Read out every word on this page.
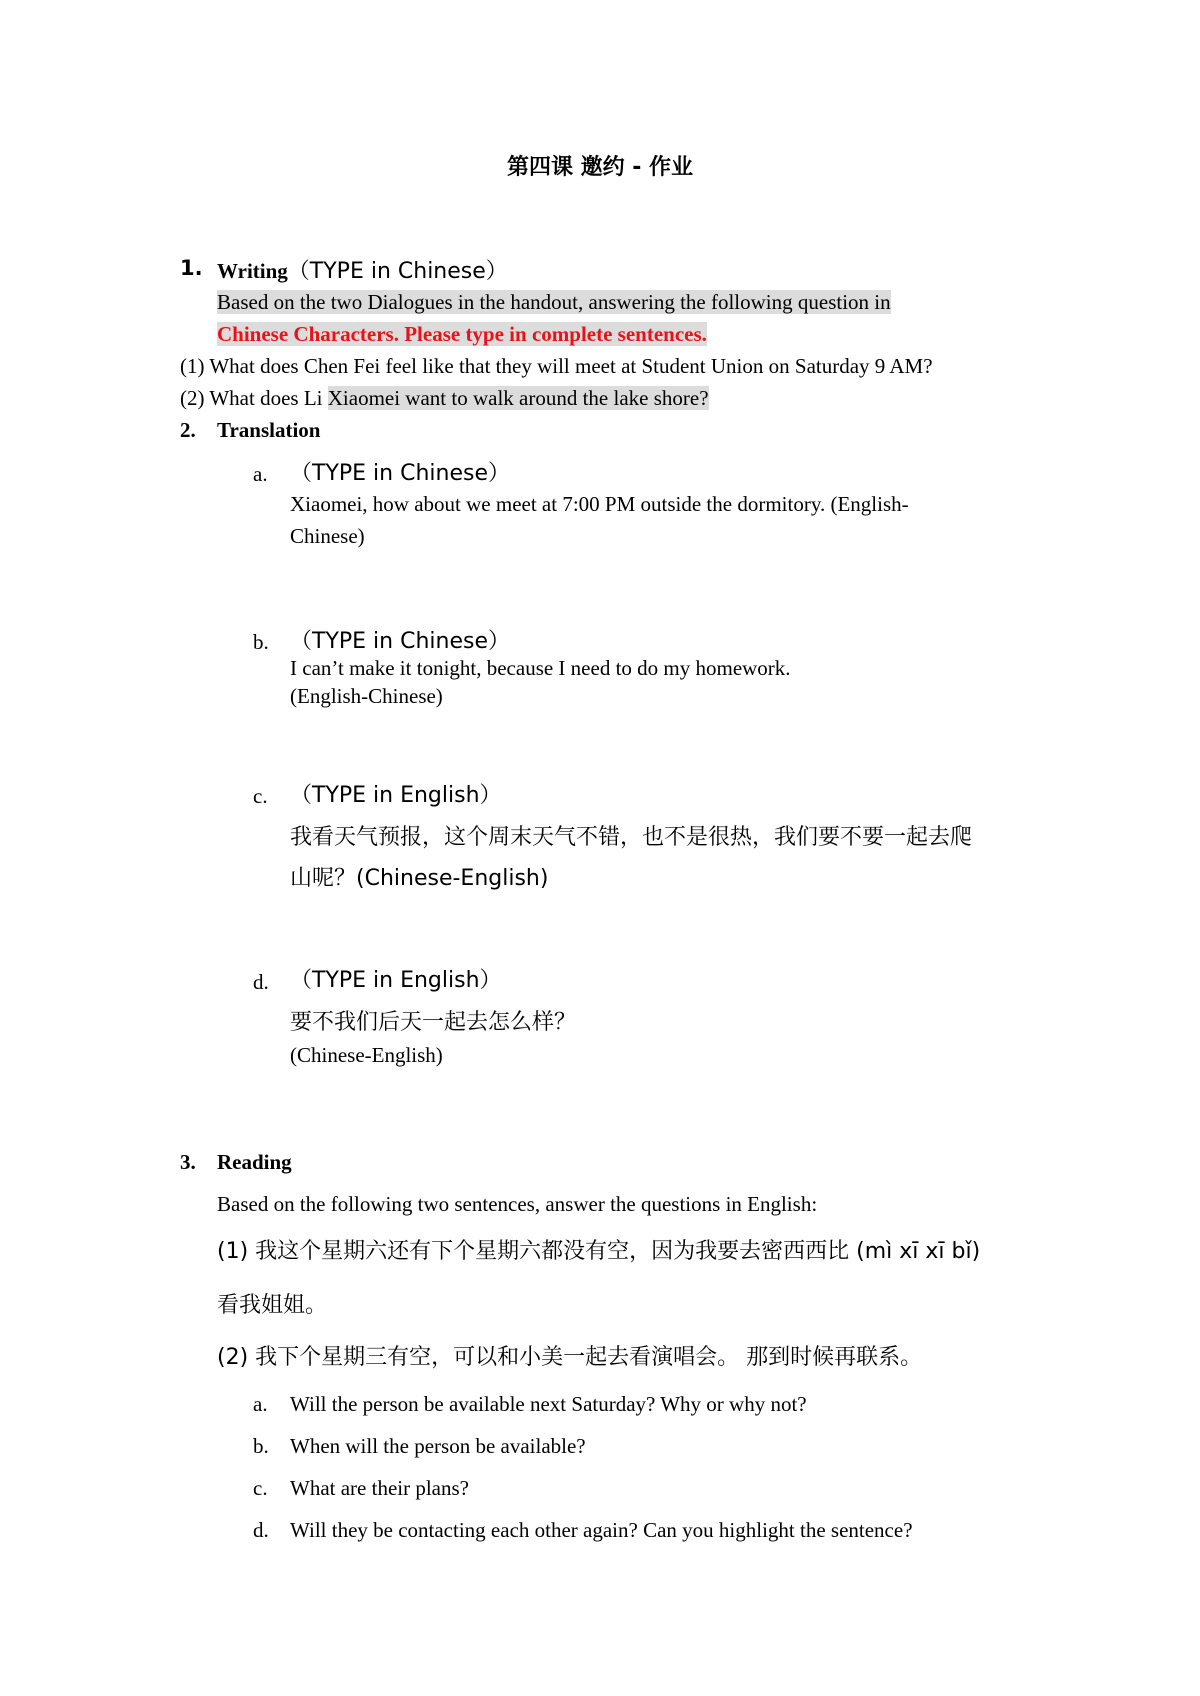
第四课 邀约 - 作业
1. Writing（TYPE in Chinese）
Based on the two Dialogues in the handout, answering the following question in
Chinese Characters. Please type in complete sentences.
(1) What does Chen Fei feel like that they will meet at Student Union on Saturday 9 AM?
(2) What does Li Xiaomei want to walk around the lake shore?
2. Translation
a. （TYPE in Chinese）
Xiaomei, how about we meet at 7:00 PM outside the dormitory. (English-
Chinese)
b. （TYPE in Chinese）
I can’t make it tonight, because I need to do my homework.
(English-Chinese)
c. （TYPE in English）
我看天气预报，这个周末天气不错，也不是很热，我们要不要一起去爬
山呢？(Chinese-English)
d. （TYPE in English）
要不我们后天一起去怎么样？
(Chinese-English)
3. Reading
Based on the following two sentences, answer the questions in English:
(1) 我这个星期六还有下个星期六都没有空，因为我要去密西西比 (mì xī xī bǐ)
看我姐姐。
(2) 我下个星期三有空，可以和小美一起去看演唱会。 那到时候再联系。
a. Will the person be available next Saturday? Why or why not?
b. When will the person be available?
c. What are their plans?
d. Will they be contacting each other again? Can you highlight the sentence?
